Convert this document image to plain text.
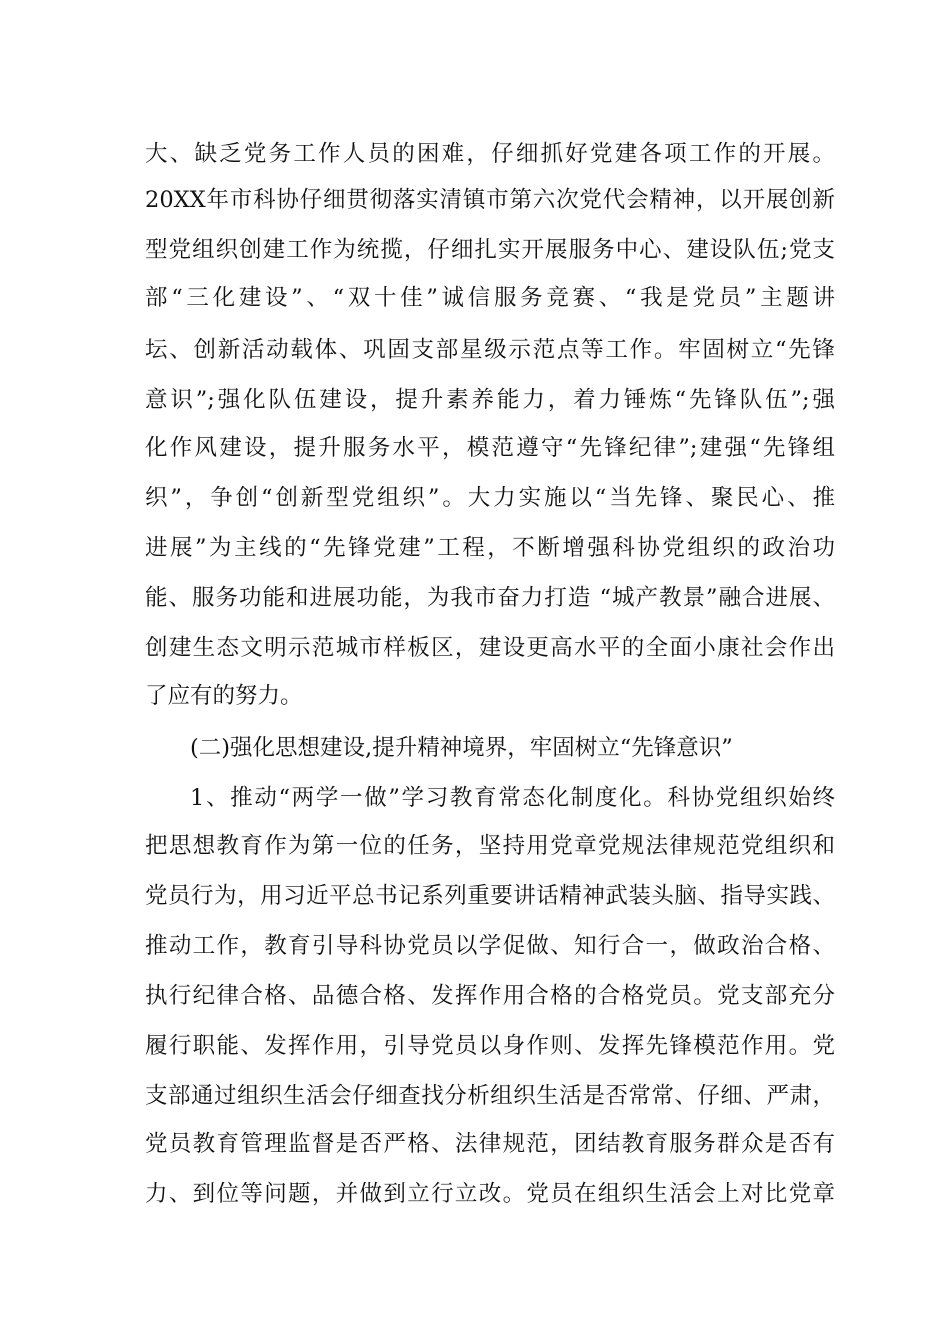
大、缺乏党务工作人员的困难，仔细抓好党建各项工作的开展。
20XX年市科协仔细贯彻落实清镇市第六次党代会精神，以开展创新
型党组织创建工作为统揽，仔细扎实开展服务中心、建设队伍;党支
部“三化建设”、“双十佳”诚信服务竞赛、“我是党员”主题讲
坛、创新活动载体、巩固支部星级示范点等工作。牢固树立“先锋
意识”;强化队伍建设，提升素养能力，着力锤炼“先锋队伍”;强
化作风建设，提升服务水平，模范遵守“先锋纪律”;建强“先锋组
织”，争创“创新型党组织”。大力实施以“当先锋、聚民心、推
进展”为主线的“先锋党建”工程，不断增强科协党组织的政治功
能、服务功能和进展功能，为我市奋力打造 “城产教景”融合进展、
创建生态文明示范城市样板区，建设更高水平的全面小康社会作出
了应有的努力。
(二)强化思想建设,提升精神境界，牢固树立“先锋意识”
1、推动“两学一做”学习教育常态化制度化。科协党组织始终
把思想教育作为第一位的任务，坚持用党章党规法律规范党组织和
党员行为，用习近平总书记系列重要讲话精神武装头脑、指导实践、
推动工作，教育引导科协党员以学促做、知行合一，做政治合格、
执行纪律合格、品德合格、发挥作用合格的合格党员。党支部充分
履行职能、发挥作用，引导党员以身作则、发挥先锋模范作用。党
支部通过组织生活会仔细查找分析组织生活是否常常、仔细、严肃，
党员教育管理监督是否严格、法律规范，团结教育服务群众是否有
力、到位等问题，并做到立行立改。党员在组织生活会上对比党章
